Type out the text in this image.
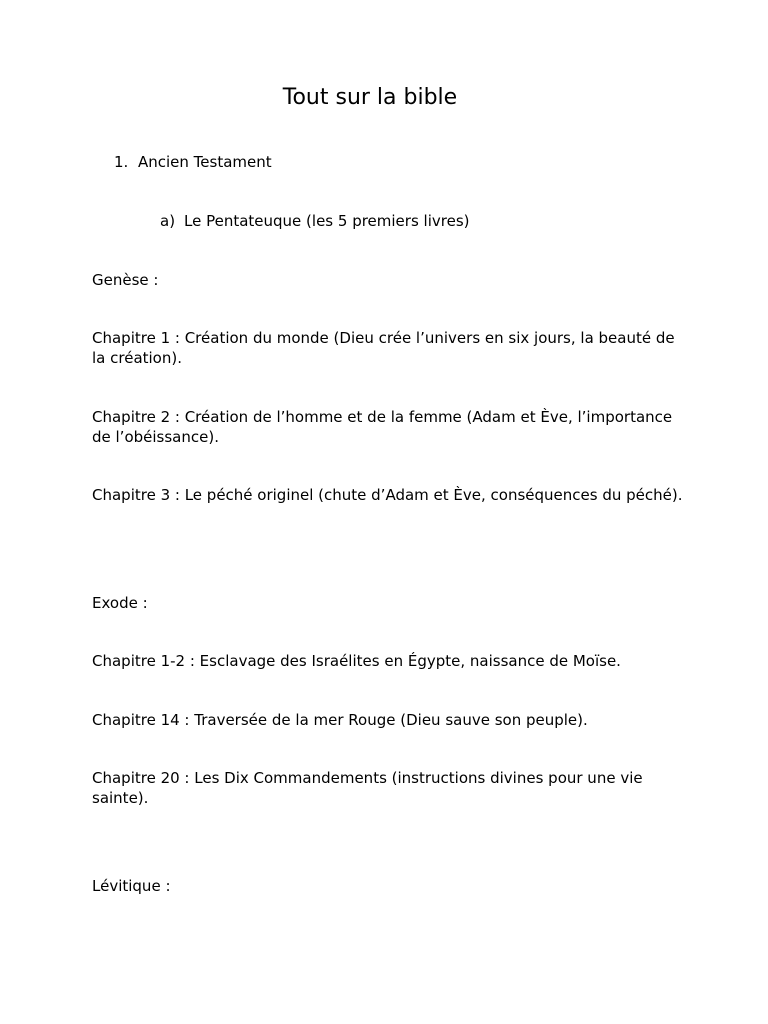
Tout sur la bible
1. Ancien Testament
a) Le Pentateuque (les 5 premiers livres)

Genèse :

Chapitre 1 : Création du monde (Dieu crée l’univers en six jours, la beauté de la création).

Chapitre 2 : Création de l’homme et de la femme (Adam et Ève, l’importance de l’obéissance).

Chapitre 3 : Le péché originel (chute d’Adam et Ève, conséquences du péché).

Exode :

Chapitre 1-2 : Esclavage des Israélites en Égypte, naissance de Moïse.

Chapitre 14 : Traversée de la mer Rouge (Dieu sauve son peuple).

Chapitre 20 : Les Dix Commandements (instructions divines pour une vie sainte).

Lévitique :
